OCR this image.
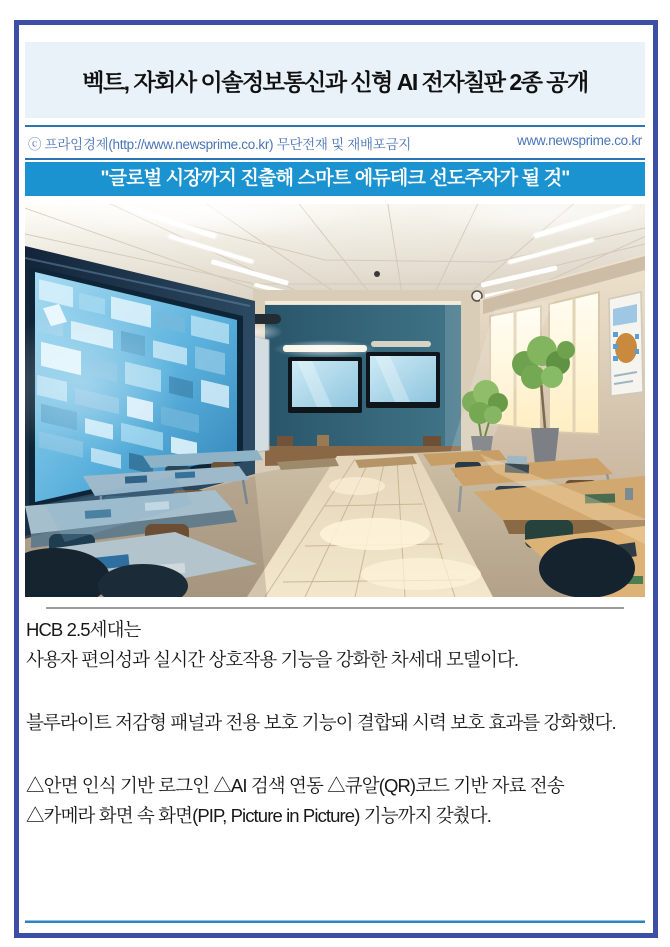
벡트, 자회사 이솔정보통신과 신형 AI 전자칠판 2종 공개
ⓒ 프라임경제(http://www.newsprime.co.kr) 무단전재 및 재배포금지	www.newsprime.co.kr
"글로벌 시장까지 진출해 스마트 에듀테크 선도주자가 될 것"

HCB 2.5세대는
사용자 편의성과 실시간 상호작용 기능을 강화한 차세대 모델이다.

블루라이트 저감형 패널과 전용 보호 기능이 결합돼 시력 보호 효과를 강화했다.

△안면 인식 기반 로그인 △AI 검색 연동 △큐알(QR)코드 기반 자료 전송
△카메라 화면 속 화면(PIP, Picture in Picture) 기능까지 갖췄다.
